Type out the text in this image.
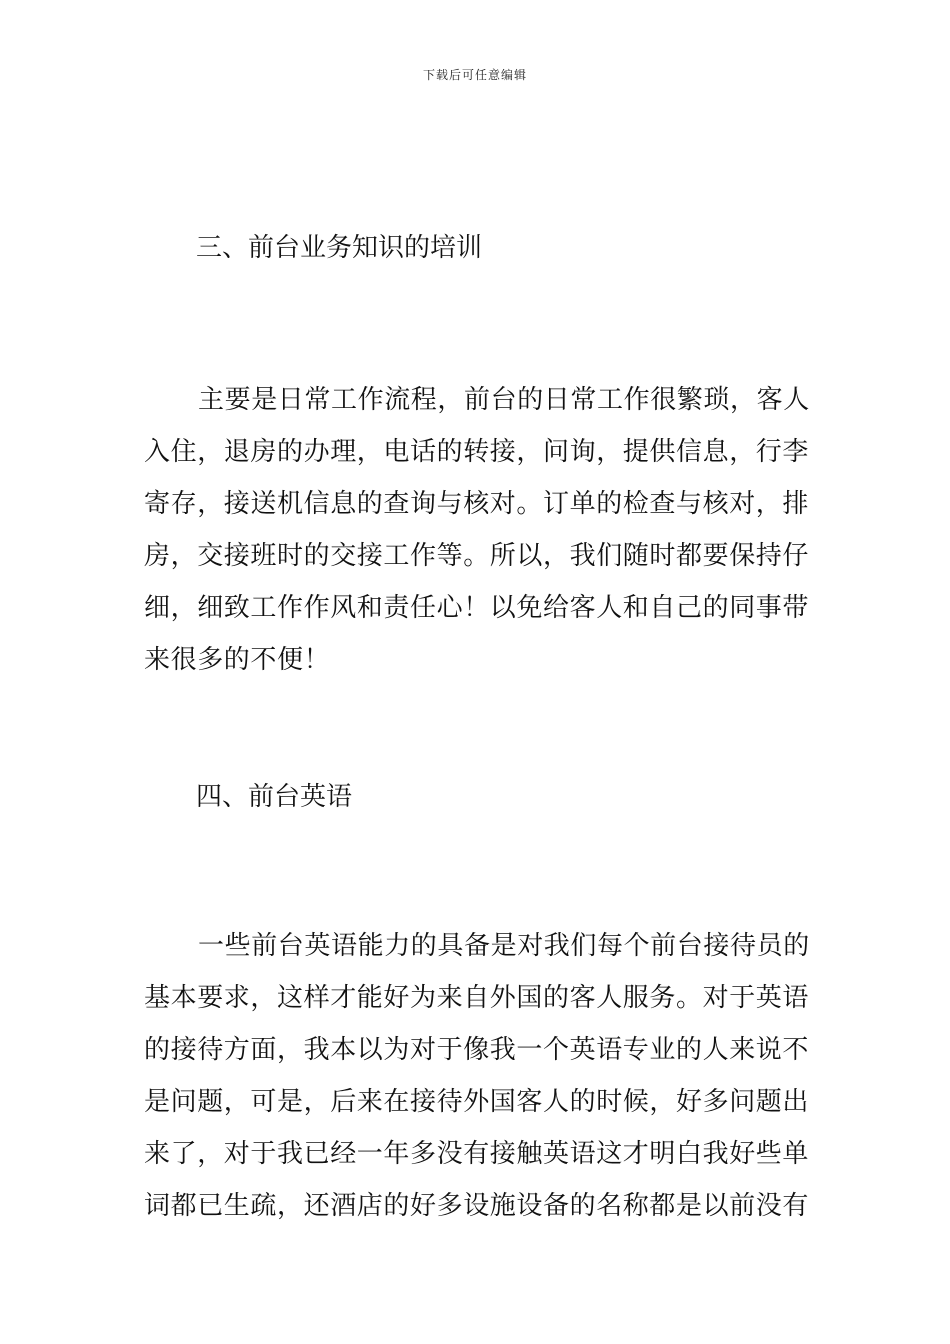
下载后可任意编辑
三、前台业务知识的培训
主要是日常工作流程，前台的日常工作很繁琐，客人
入住，退房的办理，电话的转接，问询，提供信息，行李
寄存，接送机信息的查询与核对。订单的检查与核对，排
房，交接班时的交接工作等。所以，我们随时都要保持仔
细，细致工作作风和责任心！以免给客人和自己的同事带
来很多的不便！
四、前台英语
一些前台英语能力的具备是对我们每个前台接待员的
基本要求，这样才能好为来自外国的客人服务。对于英语
的接待方面，我本以为对于像我一个英语专业的人来说不
是问题，可是，后来在接待外国客人的时候，好多问题出
来了，对于我已经一年多没有接触英语这才明白我好些单
词都已生疏，还酒店的好多设施设备的名称都是以前没有
